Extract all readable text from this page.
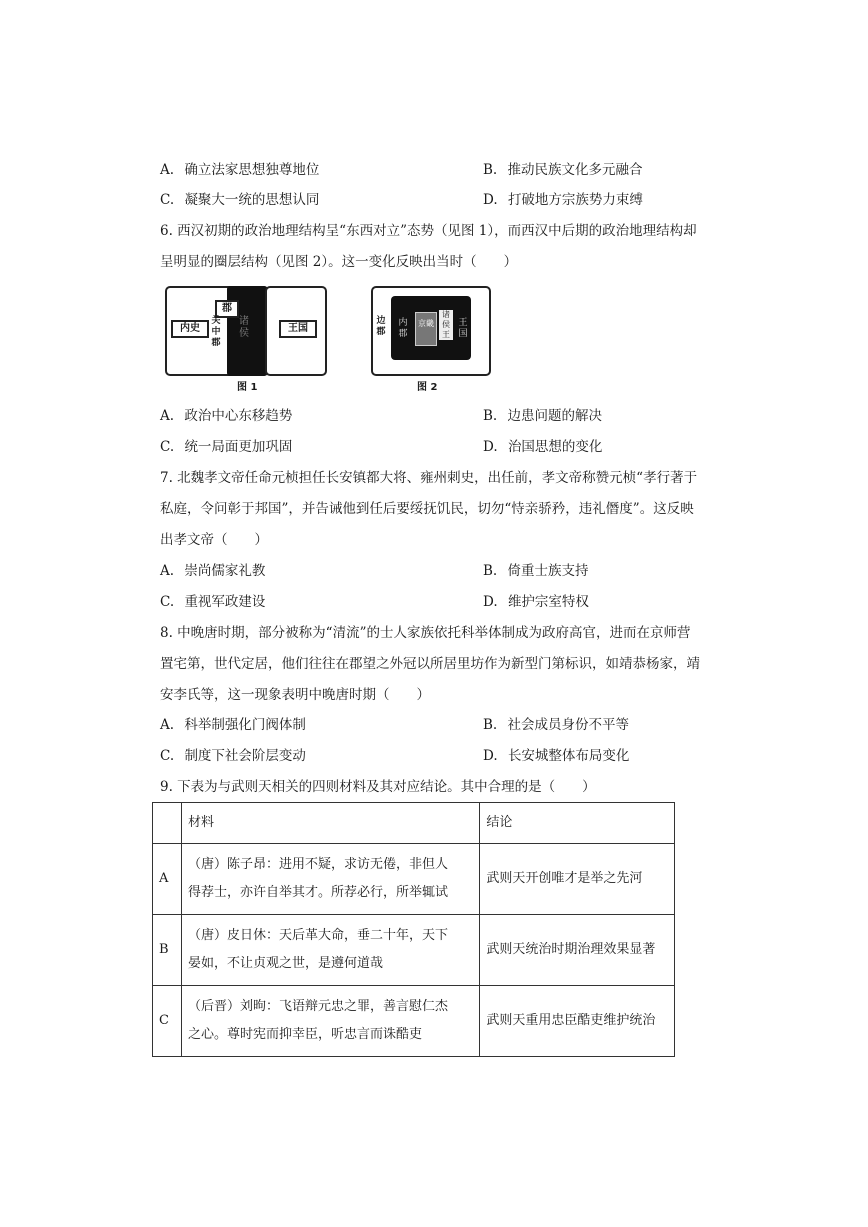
A. 确立法家思想独尊地位	B. 推动民族文化多元融合
C. 凝聚大一统的思想认同	D. 打破地方宗族势力束缚
6. 西汉初期的政治地理结构呈“东西对立”态势（见图 1），而西汉中后期的政治地理结构却
呈明显的圈层结构（见图 2）。这一变化反映出当时（　　）
内史
郡
关中郡
诸侯	王国
图 1
边郡
内郡
京畿
诸侯王
王国
图 2
A. 政治中心东移趋势	B. 边患问题的解决
C. 统一局面更加巩固	D. 治国思想的变化
7. 北魏孝文帝任命元桢担任长安镇都大将、雍州刺史，出任前，孝文帝称赞元桢“孝行著于
私庭，令问彰于邦国”，并告诫他到任后要绥抚饥民，切勿“恃亲骄矜，违礼僭度”。这反映
出孝文帝（　　）
A. 崇尚儒家礼教	B. 倚重士族支持
C. 重视军政建设	D. 维护宗室特权
8. 中晚唐时期，部分被称为“清流”的士人家族依托科举体制成为政府高官，进而在京师营
置宅第，世代定居，他们往往在郡望之外冠以所居里坊作为新型门第标识，如靖恭杨家，靖
安李氏等，这一现象表明中晚唐时期（　　）
A. 科举制强化门阀体制	B. 社会成员身份不平等
C. 制度下社会阶层变动	D. 长安城整体布局变化
9. 下表为与武则天相关的四则材料及其对应结论。其中合理的是（　　）
	材料	结论
A	（唐）陈子昂：进用不疑，求访无倦，非但人
得荐士，亦许自举其才。所荐必行，所举辄试	武则天开创唯才是举之先河
B	（唐）皮日休：天后革大命，垂二十年，天下
晏如，不让贞观之世，是遵何道哉	武则天统治时期治理效果显著
C	（后晋）刘昫：飞语辩元忠之罪，善言慰仁杰
之心。尊时宪而抑幸臣，听忠言而诛酷吏	武则天重用忠臣酷吏维护统治
